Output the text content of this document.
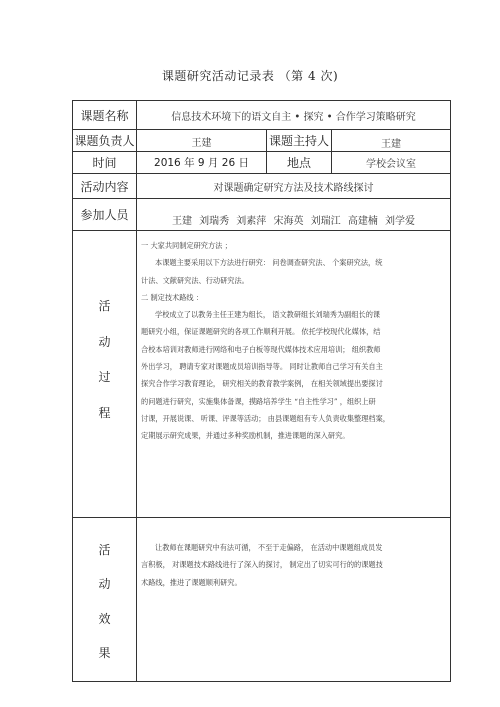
课题研究活动记录表 （第 4 次)
课题名称	信息技术环境下的语文自主 • 探究 • 合作学习策略研究
课题负责人	王建	课题主持人	王建
时间	2016 年 9 月 26 日	地点	学校会议室
活动内容	对课题确定研究方法及技术路线探讨
参加人员	王建 刘瑞秀 刘素萍 宋海英 刘瑞江 高建楠 刘学爱
活
动
过
程
一 大家共同制定研究方法 ；
本课题主要采用以下方法进行研究： 问卷调查研究法、 个案研究法，统
计法、文献研究法、行动研究法。
二 制定技术路线 ：
学校成立了以教务主任王建为组长， 语文教研组长刘瑞秀为副组长的课
题研究小组，保证课题研究的各项工作顺利开展。 依托学校现代化媒体，结
合校本培训对教师进行网络和电子白板等现代媒体技术应用培训； 组织教师
外出学习， 聘请专家对课题成员培训指导等。 同时让教师自己学习有关自主
探究合作学习教育理论， 研究相关的教育教学案例， 在相关领域提出要探讨
的问题进行研究，实施集体备课，摸路培养学生 “自主性学习” ，组织上研
讨课，开展说课、 听课、评课等活动； 由县课题组有专人负责收集整理档案，
定期展示研究成果，并通过多种奖励机制，推进课题的深入研究。
活
动
效
果
让教师在课题研究中有法可循， 不至于走偏路， 在活动中课题组成员发
言积极， 对课题技术路线进行了深入的探讨， 制定出了切实可行的的课题技
术路线，推进了课题顺利研究。
